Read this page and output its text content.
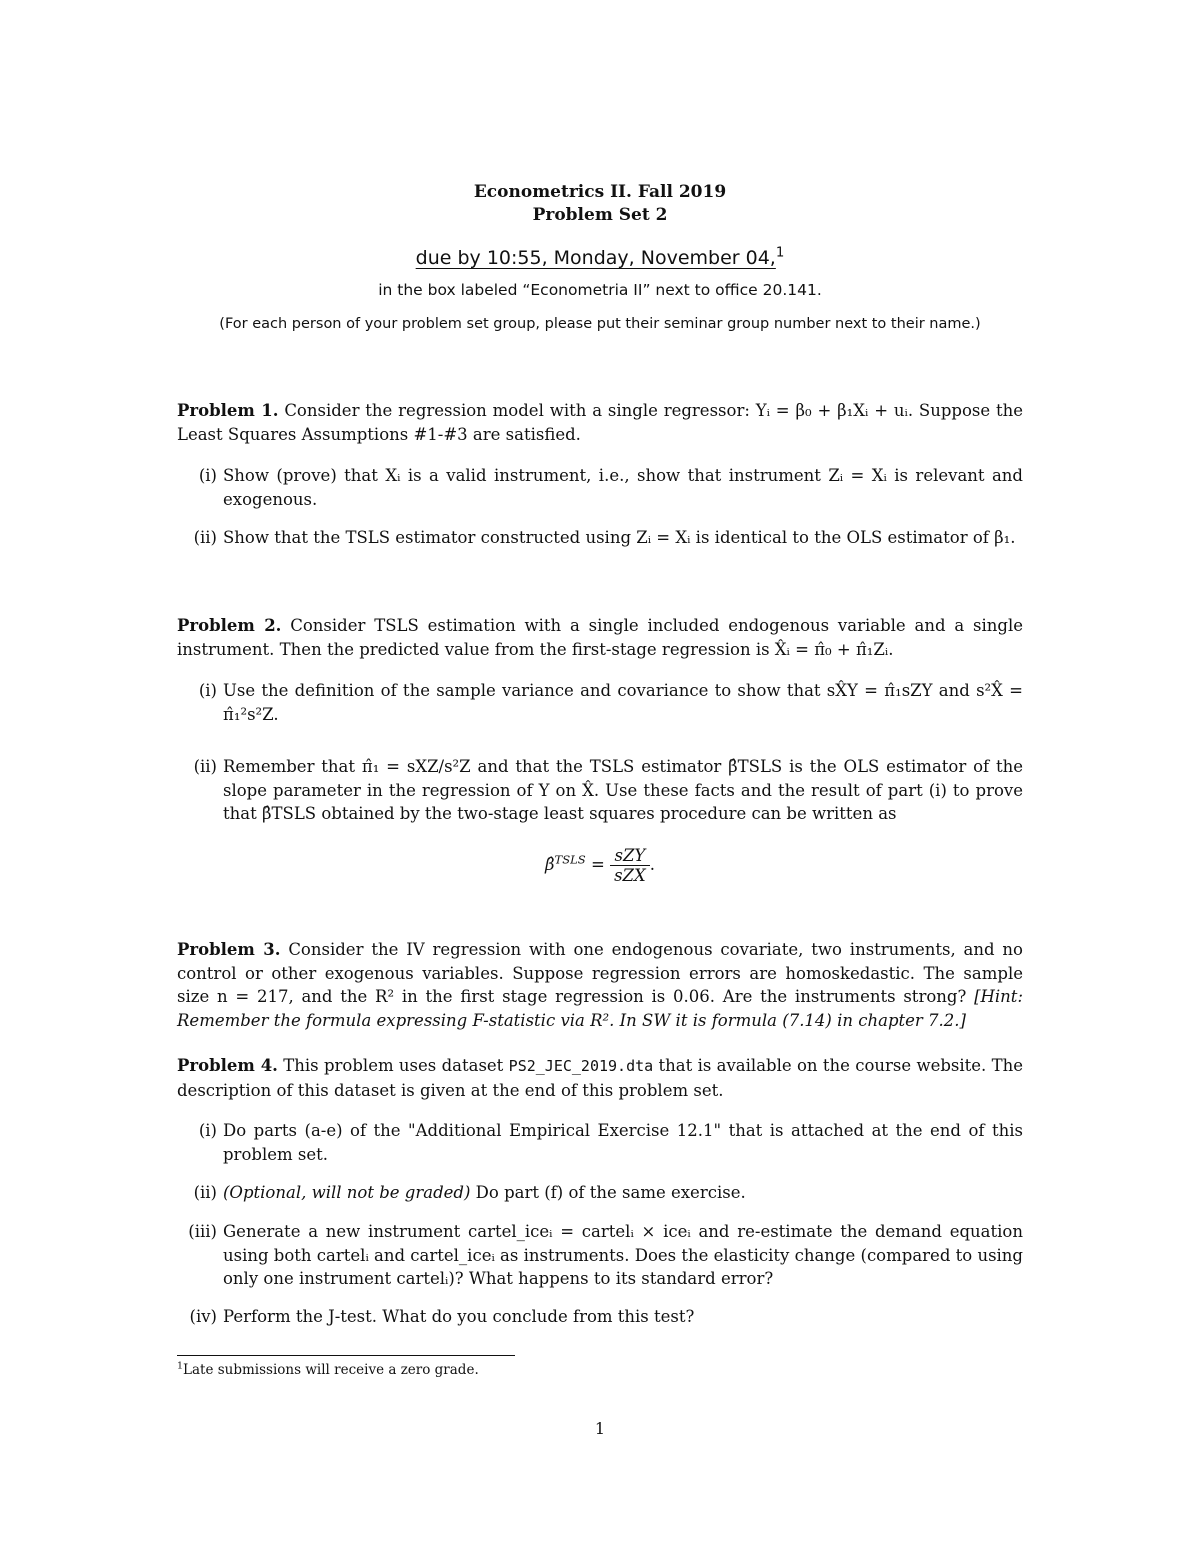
Econometrics II. Fall 2019
Problem Set 2
due by 10:55, Monday, November 04,$^1$
in the box labeled “Econometria II” next to office 20.141.
(For each person of your problem set group, please put their seminar group number next to their name.)
Problem 1. Consider the regression model with a single regressor: Yᵢ = β₀ + β₁Xᵢ + uᵢ. Suppose the Least Squares Assumptions #1-#3 are satisfied.
(i) Show (prove) that Xᵢ is a valid instrument, i.e., show that instrument Zᵢ = Xᵢ is relevant and exogenous.
(ii) Show that the TSLS estimator constructed using Zᵢ = Xᵢ is identical to the OLS estimator of β₁.
Problem 2. Consider TSLS estimation with a single included endogenous variable and a single instrument. Then the predicted value from the first-stage regression is X̂ᵢ = π̂₀ + π̂₁Zᵢ.
(i) Use the definition of the sample variance and covariance to show that sX̂Y = π̂₁sZY and s²X̂ = π̂₁²s²Z.
(ii) Remember that π̂₁ = sXZ/s²Z and that the TSLS estimator β̂TSLS is the OLS estimator of the slope parameter in the regression of Y on X̂. Use these facts and the result of part (i) to prove that β̂TSLS obtained by the two-stage least squares procedure can be written as
β̂$^{TSLS}$ = $\frac{\text{sZY}}{\text{sZX}}$ .
Problem 3. Consider the IV regression with one endogenous covariate, two instruments, and no control or other exogenous variables. Suppose regression errors are homoskedastic. The sample size n = 217, and the R² in the first stage regression is 0.06. Are the instruments strong? [Hint: Remember the formula expressing F-statistic via R². In SW it is formula (7.14) in chapter 7.2.]
Problem 4. This problem uses dataset PS2_JEC_2019.dta that is available on the course website. The description of this dataset is given at the end of this problem set.
(i) Do parts (a-e) of the "Additional Empirical Exercise 12.1" that is attached at the end of this problem set.
(ii) (Optional, will not be graded) Do part (f) of the same exercise.
(iii) Generate a new instrument cartel_iceᵢ = cartelᵢ × iceᵢ and re-estimate the demand equation using both cartelᵢ and cartel_iceᵢ as instruments. Does the elasticity change (compared to using only one instrument cartelᵢ)? What happens to its standard error?
(iv) Perform the J-test. What do you conclude from this test?
$^1$Late submissions will receive a zero grade.
1
